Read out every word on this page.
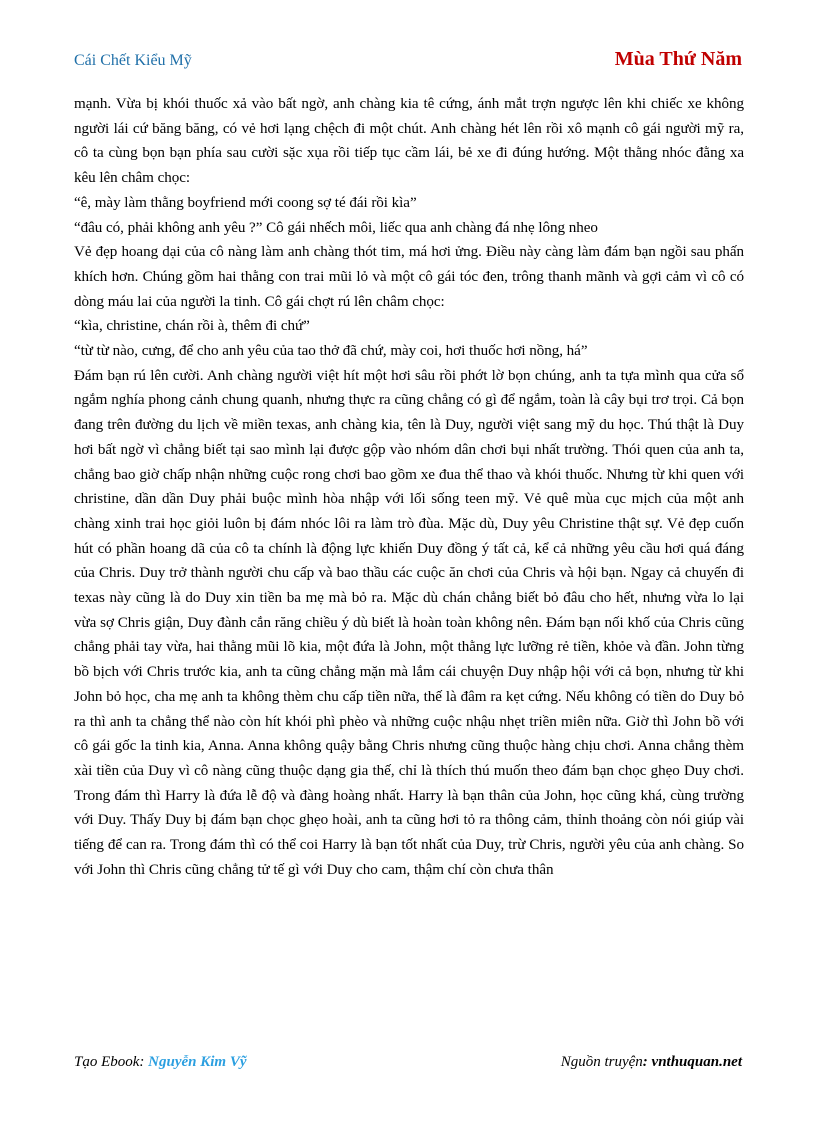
Cái Chết Kiểu Mỹ	Mùa Thứ Năm

mạnh. Vừa bị khói thuốc xả vào bất ngờ, anh chàng kia tê cứng, ánh mắt trợn ngược lên khi chiếc xe không người lái cứ băng băng, có vẻ hơi lạng chệch đi một chút. Anh chàng hét lên rồi xô mạnh cô gái người mỹ ra, cô ta cùng bọn bạn phía sau cười sặc xụa rồi tiếp tục cầm lái, bẻ xe đi đúng hướng. Một thằng nhóc đằng xa kêu lên châm chọc:

“ê, mày làm thằng boyfriend mới coong sợ té đái rồi kìa”

“đâu có, phải không anh yêu ?” Cô gái nhếch môi, liếc qua anh chàng đá nhẹ lông nheo

Vẻ đẹp hoang dại của cô nàng làm anh chàng thót tim, má hơi ửng. Điều này càng làm đám bạn ngồi sau phấn khích hơn. Chúng gồm hai thằng con trai mũi lỏ và một cô gái tóc đen, trông thanh mãnh và gợi cảm vì cô có dòng máu lai của người la tinh. Cô gái chợt rú lên châm chọc:

“kìa, christine, chán rồi à, thêm đi chứ”

“từ từ nào, cưng, để cho anh yêu của tao thở đã chứ, mày coi, hơi thuốc hơi nồng, há”

Đám bạn rú lên cười. Anh chàng người việt hít một hơi sâu rồi phớt lờ bọn chúng, anh ta tựa mình qua cửa sổ ngắm nghía phong cảnh chung quanh, nhưng thực ra cũng chẳng có gì để ngắm, toàn là cây bụi trơ trọi. Cả bọn đang trên đường du lịch về miền texas, anh chàng kia, tên là Duy, người việt sang mỹ du học. Thú thật là Duy hơi bất ngờ vì chẳng biết tại sao mình lại được gộp vào nhóm dân chơi bụi nhất trường. Thói quen của anh ta, chẳng bao giờ chấp nhận những cuộc rong chơi bao gồm xe đua thể thao và khói thuốc. Nhưng từ khi quen với christine, dần dần Duy phải buộc mình hòa nhập với lối sống teen mỹ. Vẻ quê mùa cục mịch của một anh chàng xinh trai học giỏi luôn bị đám nhóc lôi ra làm trò đùa. Mặc dù, Duy yêu Christine thật sự. Vẻ đẹp cuốn hút có phần hoang dã của cô ta chính là động lực khiến Duy đồng ý tất cả, kể cả những yêu cầu hơi quá đáng của Chris. Duy trở thành người chu cấp và bao thầu các cuộc ăn chơi của Chris và hội bạn. Ngay cả chuyến đi texas này cũng là do Duy xin tiền ba mẹ mà bỏ ra. Mặc dù chán chẳng biết bỏ đâu cho hết, nhưng vừa lo lại vừa sợ Chris giận, Duy đành cắn răng chiều ý dù biết là hoàn toàn không nên. Đám bạn nối khố của Chris cũng chẳng phải tay vừa, hai thằng mũi lõ kia, một đứa là John, một thằng lực lưỡng rẻ tiền, khỏe và đần. John từng bồ bịch với Chris trước kia, anh ta cũng chẳng mặn mà lắm cái chuyện Duy nhập hội với cả bọn, nhưng từ khi John bỏ học, cha mẹ anh ta không thèm chu cấp tiền nữa, thế là đâm ra kẹt cứng. Nếu không có tiền do Duy bỏ ra thì anh ta chẳng thể nào còn hít khói phì phèo và những cuộc nhậu nhẹt triền miên nữa. Giờ thì John bồ với cô gái gốc la tinh kia, Anna. Anna không quậy bằng Chris nhưng cũng thuộc hàng chịu chơi. Anna chẳng thèm xài tiền của Duy vì cô nàng cũng thuộc dạng gia thế, chỉ là thích thú muốn theo đám bạn chọc ghẹo Duy chơi. Trong đám thì Harry là đứa lễ độ và đàng hoàng nhất. Harry là bạn thân của John, học cũng khá, cùng trường với Duy. Thấy Duy bị đám bạn chọc ghẹo hoài, anh ta cũng hơi tỏ ra thông cảm, thỉnh thoảng còn nói giúp vài tiếng để can ra. Trong đám thì có thể coi Harry là bạn tốt nhất của Duy, trừ Chris, người yêu của anh chàng. So với John thì Chris cũng chẳng tử tế gì với Duy cho cam, thậm chí còn chưa thân

Tạo Ebook: Nguyễn Kim Vỹ	Nguồn truyện: vnthuquan.net
